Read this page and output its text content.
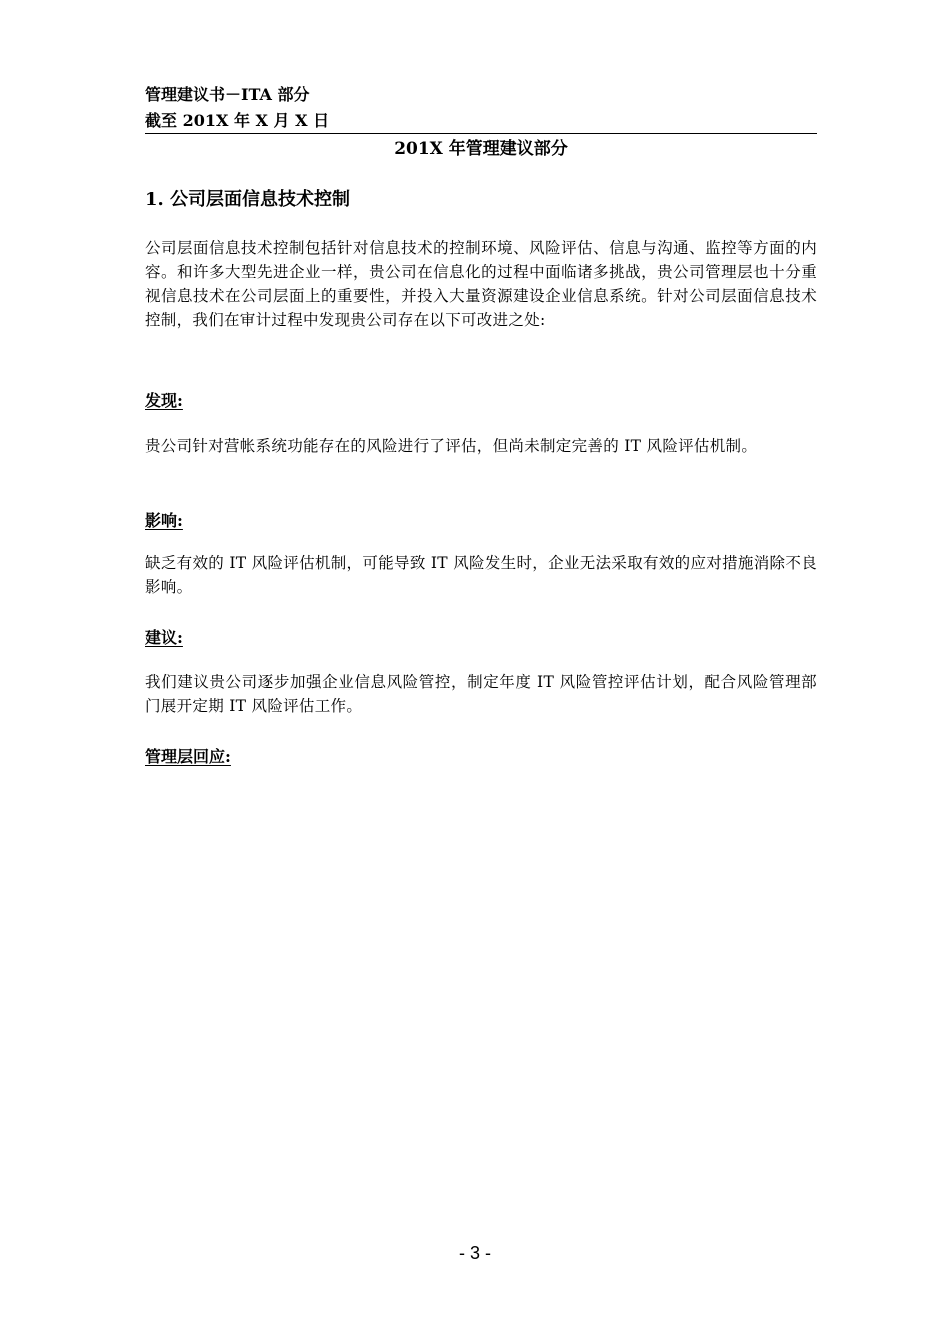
管理建议书－ITA 部分
截至 201X 年 X 月 X 日
201X 年管理建议部分
1. 公司层面信息技术控制
公司层面信息技术控制包括针对信息技术的控制环境、风险评估、信息与沟通、监控等方面的内容。和许多大型先进企业一样，贵公司在信息化的过程中面临诸多挑战，贵公司管理层也十分重视信息技术在公司层面上的重要性，并投入大量资源建设企业信息系统。针对公司层面信息技术控制，我们在审计过程中发现贵公司存在以下可改进之处:
发现:
贵公司针对营帐系统功能存在的风险进行了评估，但尚未制定完善的 IT 风险评估机制。
影响:
缺乏有效的 IT 风险评估机制，可能导致 IT 风险发生时，企业无法采取有效的应对措施消除不良影响。
建议:
我们建议贵公司逐步加强企业信息风险管控，制定年度 IT 风险管控评估计划，配合风险管理部门展开定期 IT 风险评估工作。
管理层回应:
- 3 -
